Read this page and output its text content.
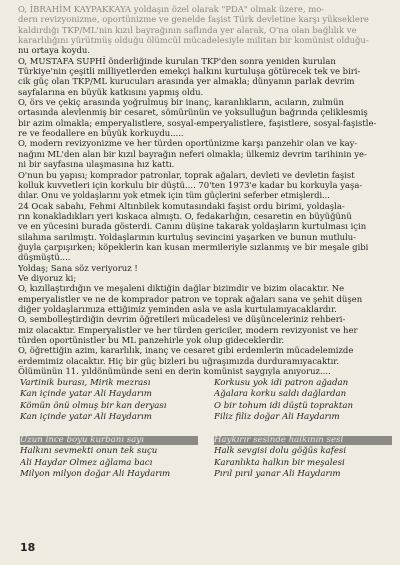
O, İBRAHİM KAYPAKKAYA yoldaşın özel olarak "PDA" olmak üzere, mo-
dern revizyonizme, oportünizme ve genelde faşist Türk devletine karşı yükseklere
kaldırdığı TKP/ML'nin kızıl bayrağının saflında yer alarak, O'na olan bağlılık ve
kararlılığını yürütmüş olduğu ölümcül mücadelesiyle militan bir komünist olduğu-
nu ortaya koydu.
O, MUSTAFA SUPHİ önderliğinde kurulan TKP'den sonra yeniden kurulan
Türkiye'nin çeşitli milliyetlerden emekçi halkını kurtuluşa götürecek tek ve biri-
cik güç olan TKP/ML kurucuları arasında yer almakla; dünyanın parlak devrim
sayfalarına en büyük katkısını yapmış oldu.
O, örs ve çekiç arasında yoğrulmuş bir inanç, karanlıkların, acıların, zulmün
ortasında alevlenmiş bir cesaret, sömürünün ve yoksulluğun bağrında çeliklesmiş
bir azim olmakla; emperyalistlere, sosyal-emperyalistlere, faşistlere, sosyal-faşistle-
re ve feodallere en büyük korkuydu.....
O, modern revizyonizme ve her türden oportünizme karşı panzehir olan ve kay-
nağını ML'den alan bir kızıl bayrağın neferi olmakla; ülkemiz devrim tarihinin ye-
ni bir sayfasına ulaşmasına hız kattı.
O'nun bu yapısı; komprador patronlar, toprak ağaları, devleti ve devletin faşist
kolluk kuvvetleri için korkulu bir düştü.... 70'ten 1973'e kadar bu korkuyla yaşa-
dılar. Onu ve yoldaşlarını yok etmek için tüm güçlerini seferber etmişlerdi...
24 Ocak sabahı, Fehmi Altınbilek komutasındaki faşist ordu birimi, yoldaşla-
rın konakladıkları yeri kıskaca almıştı. O, fedakarlığın, cesaretin en büyüğünü
ve en yücesini burada gösterdi. Canını düşine takarak yoldaşların kurtulması için
silahına sarılmıştı. Yoldaşlarının kurtuluş sevincini yaşarken ve bunun mutlulu-
ğuyla çarpışırken; köpeklerin kan kusan mermileriyle sızlanmış ve bir meşale gibi
düşmüştü....
Yoldaş; Sana söz veriyoruz !
Ve diyoruz ki;
O, kızıllaştırdığın ve meşaleni diktiğin dağlar bizimdir ve bizim olacaktır. Ne
emperyalistler ve ne de komprador patron ve toprak ağaları sana ve şehit düşen
diğer yoldaşlarımıza ettiğimiz yeminden asla ve asla kurtulamıyacaklardır.
O, sembolleştirdiğin devrim öğretileri mücadelesi ve düşünceleriniz rehberi-
miz olacaktır. Emperyalistler ve her türden gericiler, modern revizyonist ve her
türden oportünistler bu ML panzehirle yok olup gideceklerdir.
O, öğrettiğin azim, kararlılık, inanç ve cesaret gibi erdemlerin mücadelemizde
erdemimiz olacaktır. Hiç bir güç bizleri bu uğraşımızda durduramıyacaktır.
Ölümünün 11. yıldönümünde seni en derin komünist saygıyla anıyoruz....
Vartinik burası, Mirik mezrası
Kan içinde yatar Ali Haydarım
Kömün önü olmuş bir kan deryası
Kan içinde yatar Ali Haydarım
Korkusu yok idi patron ağadan
Ağalara korku saldı dağlardan
O bir tohum idi düştü topraktan
Filiz filiz doğar Ali Haydarım
Uzun ince boyu kurbanı sayı
Halkını sevmekti onun tek suçu
Ali Haydar Ölmez ağlama bacı
Milyon milyon doğar Ali Haydarım
Haykırır sesinde halkının sesi
Halk sevgisi dolu göğüs kafesi
Karanlıkta halkın bir meşalesi
Pırıl pırıl yanar Ali Haydarım
18
